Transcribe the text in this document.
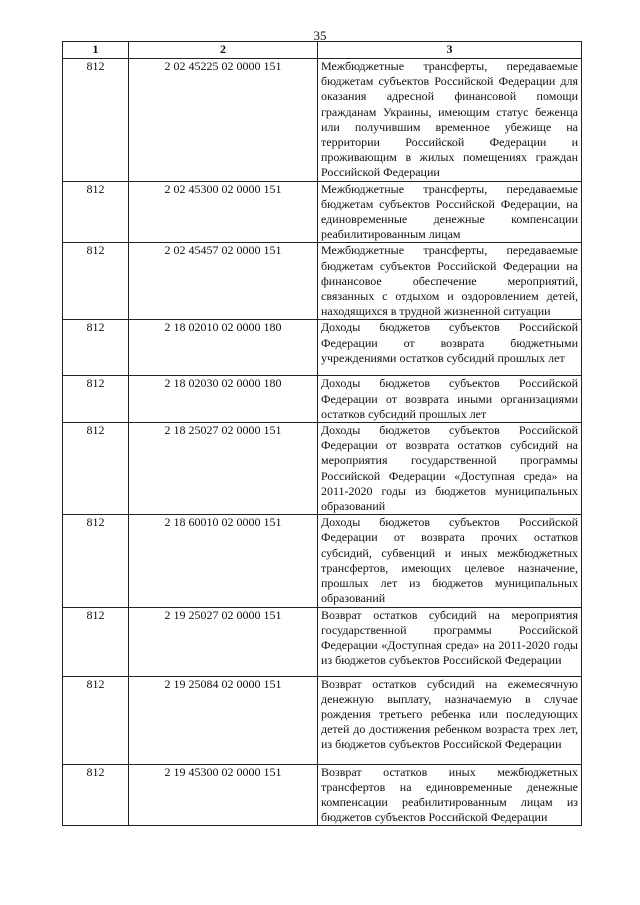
35
1	2	3
812	2 02 45225 02 0000 151	Межбюджетные трансферты, передаваемые бюджетам субъектов Российской Федерации для оказания адресной финансовой помощи гражданам Украины, имеющим статус беженца или получившим временное убежище на территории Российской Федерации и проживающим в жилых помещениях граждан Российской Федерации
812	2 02 45300 02 0000 151	Межбюджетные трансферты, передаваемые бюджетам субъектов Российской Федерации, на единовременные денежные компенсации реабилитированным лицам
812	2 02 45457 02 0000 151	Межбюджетные трансферты, передаваемые бюджетам субъектов Российской Федерации на финансовое обеспечение мероприятий, связанных с отдыхом и оздоровлением детей, находящихся в трудной жизненной ситуации
812	2 18 02010 02 0000 180	Доходы бюджетов субъектов Российской Федерации от возврата бюджетными учреждениями остатков субсидий прошлых лет
812	2 18 02030 02 0000 180	Доходы бюджетов субъектов Российской Федерации от возврата иными организациями остатков субсидий прошлых лет
812	2 18 25027 02 0000 151	Доходы бюджетов субъектов Российской Федерации от возврата остатков субсидий на мероприятия государственной программы Российской Федерации «Доступная среда» на 2011-2020 годы из бюджетов муниципальных образований
812	2 18 60010 02 0000 151	Доходы бюджетов субъектов Российской Федерации от возврата прочих остатков субсидий, субвенций и иных межбюджетных трансфертов, имеющих целевое назначение, прошлых лет из бюджетов муниципальных образований
812	2 19 25027 02 0000 151	Возврат остатков субсидий на мероприятия государственной программы Российской Федерации «Доступная среда» на 2011-2020 годы из бюджетов субъектов Российской Федерации
812	2 19 25084 02 0000 151	Возврат остатков субсидий на ежемесячную денежную выплату, назначаемую в случае рождения третьего ребенка или последующих детей до достижения ребенком возраста трех лет, из бюджетов субъектов Российской Федерации
812	2 19 45300 02 0000 151	Возврат остатков иных межбюджетных трансфертов на единовременные денежные компенсации реабилитированным лицам из бюджетов субъектов Российской Федерации
